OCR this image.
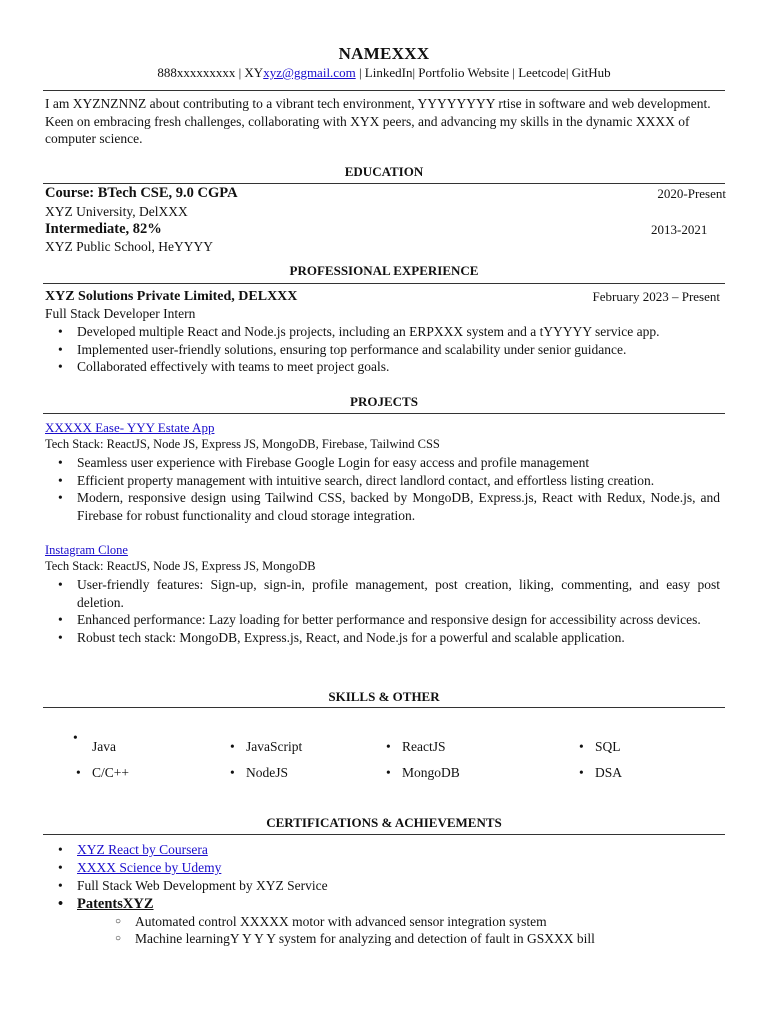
NAMEXXX
888xxxxxxxxx | XYxyz@ggmail.com | LinkedIn| Portfolio Website | Leetcode| GitHub
I am XYZNZNNZ about contributing to a vibrant tech environment, YYYYYYYY rtise in software and web development. Keen on embracing fresh challenges, collaborating with XYX peers, and advancing my skills in the dynamic XXXX of computer science.
EDUCATION
Course: BTech CSE, 9.0 CGPA	2020-Present
XYZ University, DelXXX
Intermediate, 82%	2013-2021
XYZ Public School, HeYYYY
PROFESSIONAL EXPERIENCE
XYZ Solutions Private Limited, DELXXX	February 2023 – Present
Full Stack Developer Intern
• Developed multiple React and Node.js projects, including an ERPXXX system and a tYYYYY service app.
• Implemented user-friendly solutions, ensuring top performance and scalability under senior guidance.
• Collaborated effectively with teams to meet project goals.
PROJECTS
XXXXX Ease- YYY Estate App
Tech Stack: ReactJS, Node JS, Express JS, MongoDB, Firebase, Tailwind CSS
• Seamless user experience with Firebase Google Login for easy access and profile management
• Efficient property management with intuitive search, direct landlord contact, and effortless listing creation.
• Modern, responsive design using Tailwind CSS, backed by MongoDB, Express.js, React with Redux, Node.js, and Firebase for robust functionality and cloud storage integration.
Instagram Clone
Tech Stack: ReactJS, Node JS, Express JS, MongoDB
• User-friendly features: Sign-up, sign-in, profile management, post creation, liking, commenting, and easy post deletion.
• Enhanced performance: Lazy loading for better performance and responsive design for accessibility across devices.
• Robust tech stack: MongoDB, Express.js, React, and Node.js for a powerful and scalable application.
SKILLS & OTHER
•
Java	• JavaScript	• ReactJS	• SQL
• C/C++	• NodeJS	• MongoDB	• DSA
CERTIFICATIONS & ACHIEVEMENTS
• XYZ React by Coursera
• XXXX Science by Udemy
• Full Stack Web Development by XYZ Service
• PatentsXYZ
○ Automated control XXXXX motor with advanced sensor integration system
○ Machine learningY Y Y Y system for analyzing and detection of fault in GSXXX bill
